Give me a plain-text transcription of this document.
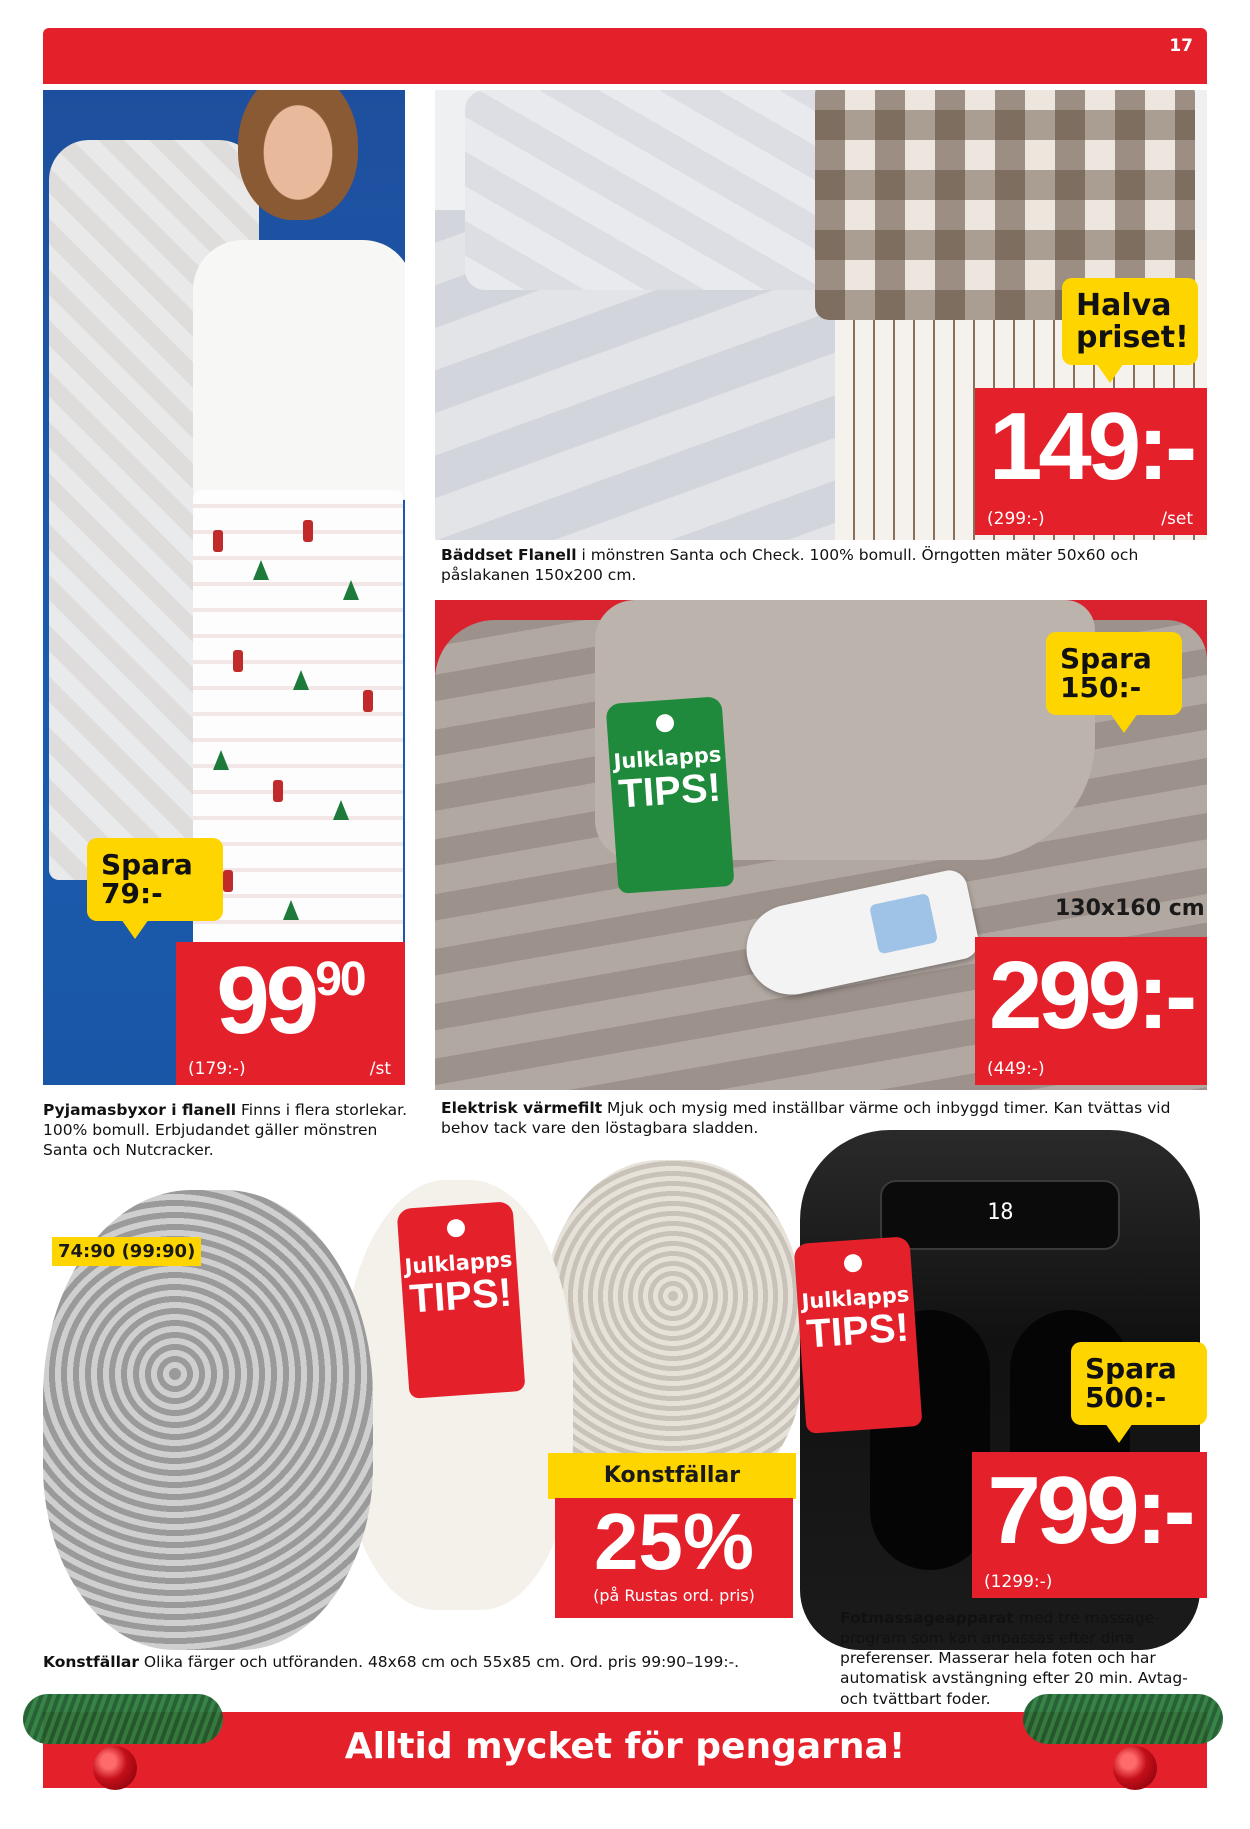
17
Spara 79:-
$99^{90}$
(179:-)	/st
Pyjamasbyxor i flanell Finns i flera storlekar. 100% bomull. Erbjudandet gäller mönstren Santa och Nutcracker.
Halva priset!
149:-
(299:-)	/set
Bäddset Flanell i mönstren Santa och Check. 100% bomull. Örngotten mäter 50x60 och påslakanen 150x200 cm.
Julklapps
TIPS!
Spara 150:-
130x160 cm
299:-
(449:-)
Elektrisk värmefilt Mjuk och mysig med inställbar värme och inbyggd timer. Kan tvättas vid behov tack vare den löstagbara sladden.
74:90 (99:90)	Julklapps
TIPS!
Konstfällar
25%
(på Rustas ord. pris)
Konstfällar Olika färger och utföranden. 48x68 cm och 55x85 cm. Ord. pris 99:90–199:-.
18
Julklapps
TIPS!
Spara 500:-
799:-
(1299:-)
Fotmassageapparat med tre massage-program som kan anpassas efter dina preferenser. Masserar hela foten och har automatisk avstängning efter 20 min. Avtag- och tvättbart foder.
Alltid mycket för pengarna!
